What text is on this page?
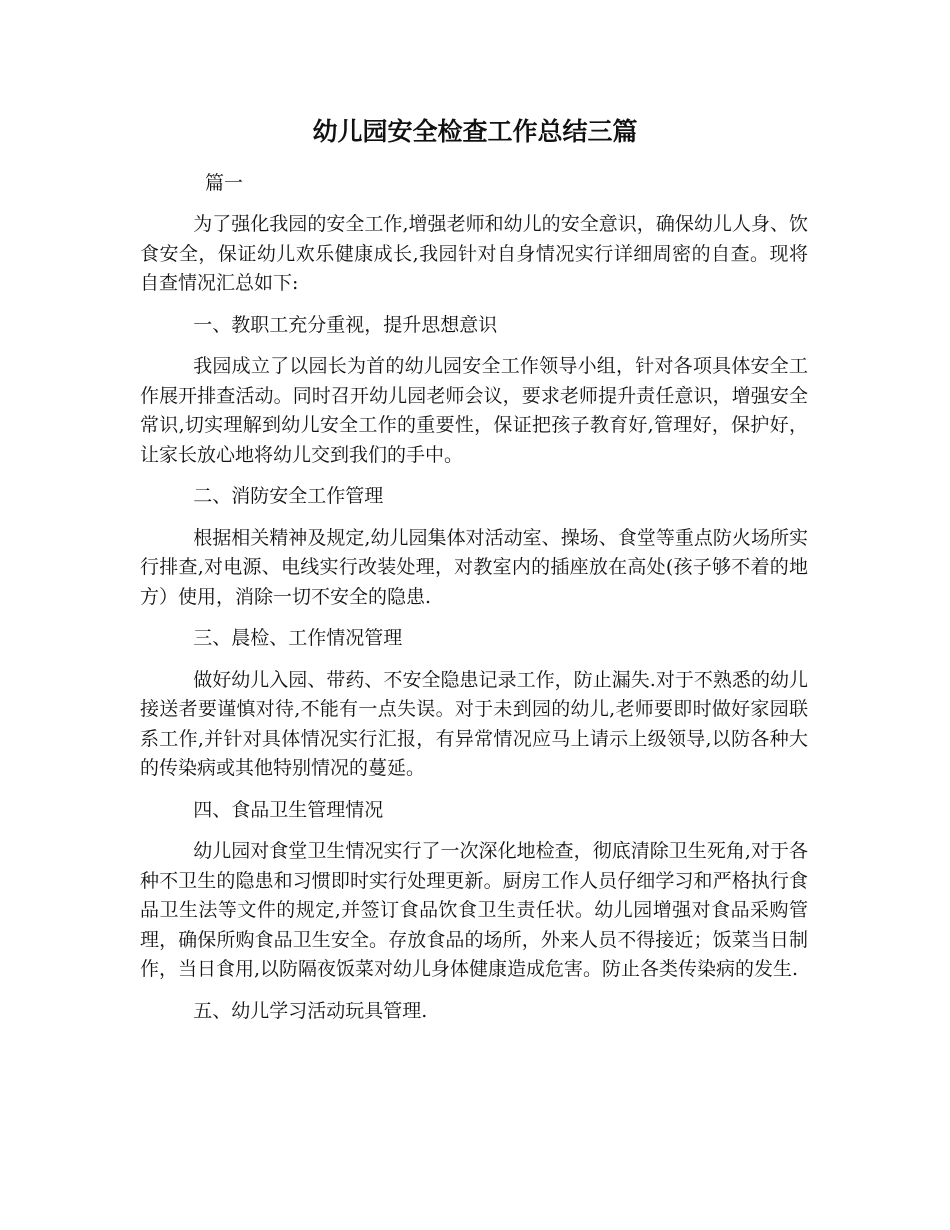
幼儿园安全检查工作总结三篇

篇一

为了强化我园的安全工作,增强老师和幼儿的安全意识，确保幼儿人身、饮食安全，保证幼儿欢乐健康成长,我园针对自身情况实行详细周密的自查。现将自查情况汇总如下:

一、教职工充分重视，提升思想意识

我园成立了以园长为首的幼儿园安全工作领导小组，针对各项具体安全工作展开排查活动。同时召开幼儿园老师会议，要求老师提升责任意识，增强安全常识,切实理解到幼儿安全工作的重要性，保证把孩子教育好,管理好，保护好，让家长放心地将幼儿交到我们的手中。

二、消防安全工作管理

根据相关精神及规定,幼儿园集体对活动室、操场、食堂等重点防火场所实行排查,对电源、电线实行改装处理，对教室内的插座放在高处(孩子够不着的地方）使用，消除一切不安全的隐患.

三、晨检、工作情况管理

做好幼儿入园、带药、不安全隐患记录工作，防止漏失.对于不熟悉的幼儿接送者要谨慎对待,不能有一点失误。对于未到园的幼儿,老师要即时做好家园联系工作,并针对具体情况实行汇报，有异常情况应马上请示上级领导,以防各种大的传染病或其他特别情况的蔓延。

四、食品卫生管理情况

幼儿园对食堂卫生情况实行了一次深化地检查，彻底清除卫生死角,对于各种不卫生的隐患和习惯即时实行处理更新。厨房工作人员仔细学习和严格执行食品卫生法等文件的规定,并签订食品饮食卫生责任状。幼儿园增强对食品采购管理，确保所购食品卫生安全。存放食品的场所，外来人员不得接近；饭菜当日制作，当日食用,以防隔夜饭菜对幼儿身体健康造成危害。防止各类传染病的发生.

五、幼儿学习活动玩具管理.
